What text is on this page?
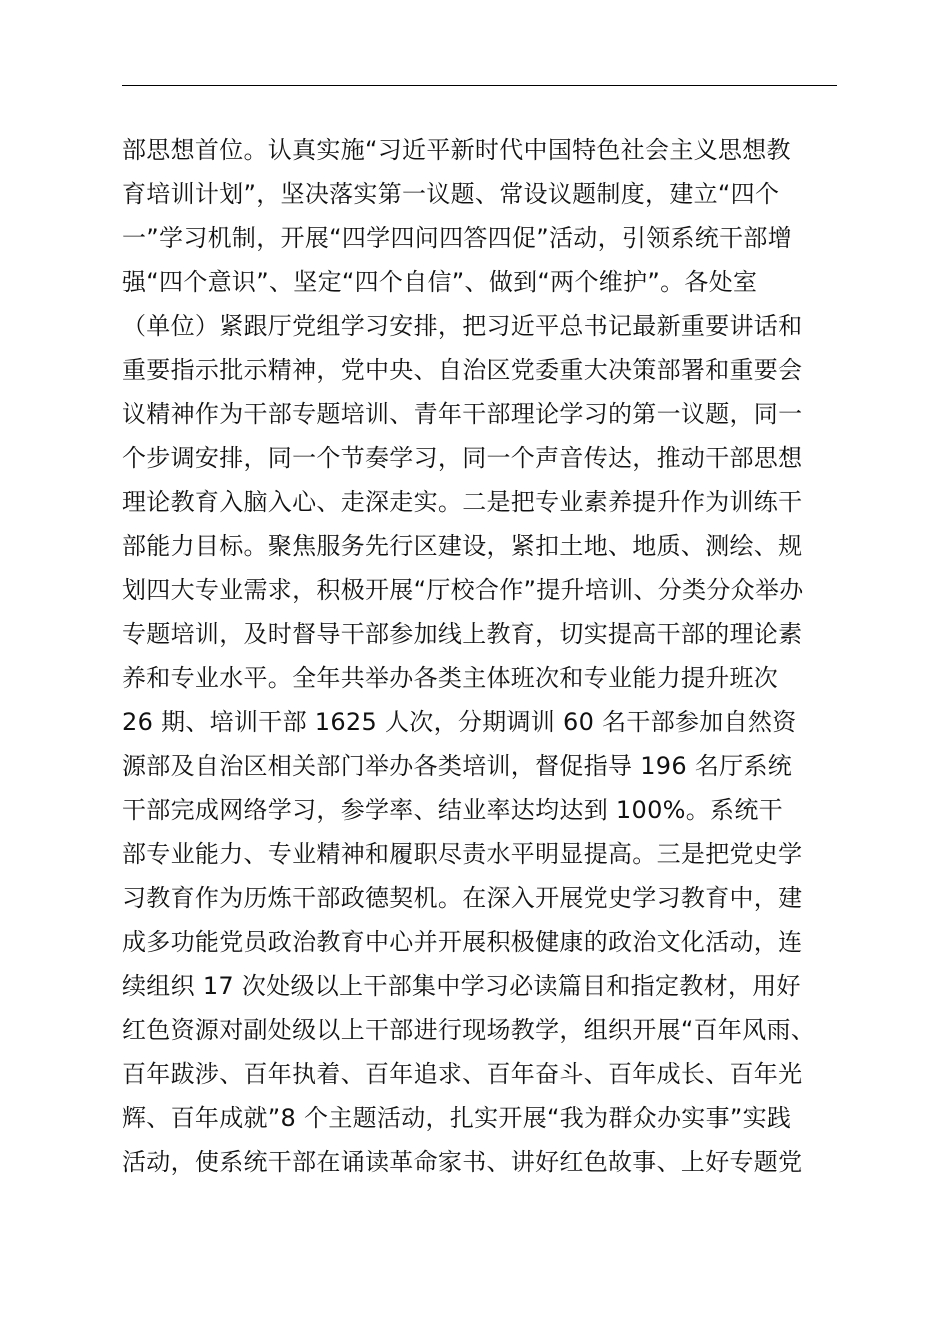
部思想首位。认真实施“习近平新时代中国特色社会主义思想教
育培训计划”，坚决落实第一议题、常设议题制度，建立“四个
一”学习机制，开展“四学四问四答四促”活动，引领系统干部增
强“四个意识”、坚定“四个自信”、做到“两个维护”。各处室
（单位）紧跟厅党组学习安排，把习近平总书记最新重要讲话和
重要指示批示精神，党中央、自治区党委重大决策部署和重要会
议精神作为干部专题培训、青年干部理论学习的第一议题，同一
个步调安排，同一个节奏学习，同一个声音传达，推动干部思想
理论教育入脑入心、走深走实。二是把专业素养提升作为训练干
部能力目标。聚焦服务先行区建设，紧扣土地、地质、测绘、规
划四大专业需求，积极开展“厅校合作”提升培训、分类分众举办
专题培训，及时督导干部参加线上教育，切实提高干部的理论素
养和专业水平。全年共举办各类主体班次和专业能力提升班次
26 期、培训干部 1625 人次，分期调训 60 名干部参加自然资
源部及自治区相关部门举办各类培训，督促指导 196 名厅系统
干部完成网络学习，参学率、结业率达均达到 100%。系统干
部专业能力、专业精神和履职尽责水平明显提高。三是把党史学
习教育作为历炼干部政德契机。在深入开展党史学习教育中，建
成多功能党员政治教育中心并开展积极健康的政治文化活动，连
续组织 17 次处级以上干部集中学习必读篇目和指定教材，用好
红色资源对副处级以上干部进行现场教学，组织开展“百年风雨、
百年跋涉、百年执着、百年追求、百年奋斗、百年成长、百年光
辉、百年成就”8 个主题活动，扎实开展“我为群众办实事”实践
活动，使系统干部在诵读革命家书、讲好红色故事、上好专题党
